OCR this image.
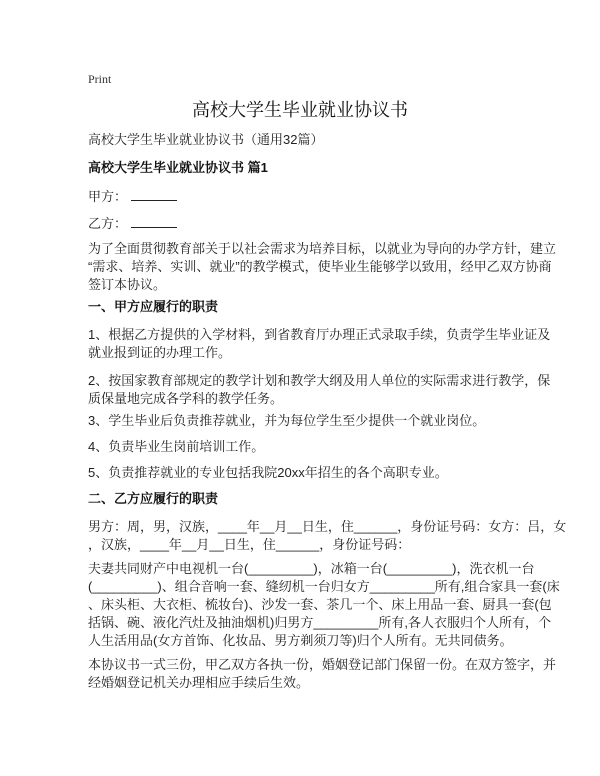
Print
高校大学生毕业就业协议书
高校大学生毕业就业协议书（通用32篇）
高校大学生毕业就业协议书 篇1
甲方：
乙方：
为了全面贯彻教育部关于以社会需求为培养目标，以就业为导向的办学方针，建立
“需求、培养、实训、就业”的教学模式，使毕业生能够学以致用，经甲乙双方协商
签订本协议。
一、甲方应履行的职责
1、根据乙方提供的入学材料，到省教育厅办理正式录取手续，负责学生毕业证及
就业报到证的办理工作。
2、按国家教育部规定的教学计划和教学大纲及用人单位的实际需求进行教学，保
质保量地完成各学科的教学任务。
3、学生毕业后负责推荐就业，并为每位学生至少提供一个就业岗位。
4、负责毕业生岗前培训工作。
5、负责推荐就业的专业包括我院20xx年招生的各个高职专业。
二、乙方应履行的职责
男方：周，男，汉族，____年__月__日生，住______，身份证号码：女方：吕，女
，汉族，____年__月__日生，住______，身份证号码：
夫妻共同财产中电视机一台(_________)，冰箱一台(_________)，洗衣机一台
(_________)、组合音响一套、缝纫机一台归女方_________所有,组合家具一套(床
、床头柜、大衣柜、梳妆台)、沙发一套、茶几一个、床上用品一套、厨具一套(包
括锅、碗、液化汽灶及抽油烟机)归男方_________所有,各人衣服归个人所有，个
人生活用品(女方首饰、化妆品、男方剃须刀等)归个人所有。无共同债务。
本协议书一式三份，甲乙双方各执一份，婚姻登记部门保留一份。在双方签字，并
经婚姻登记机关办理相应手续后生效。
